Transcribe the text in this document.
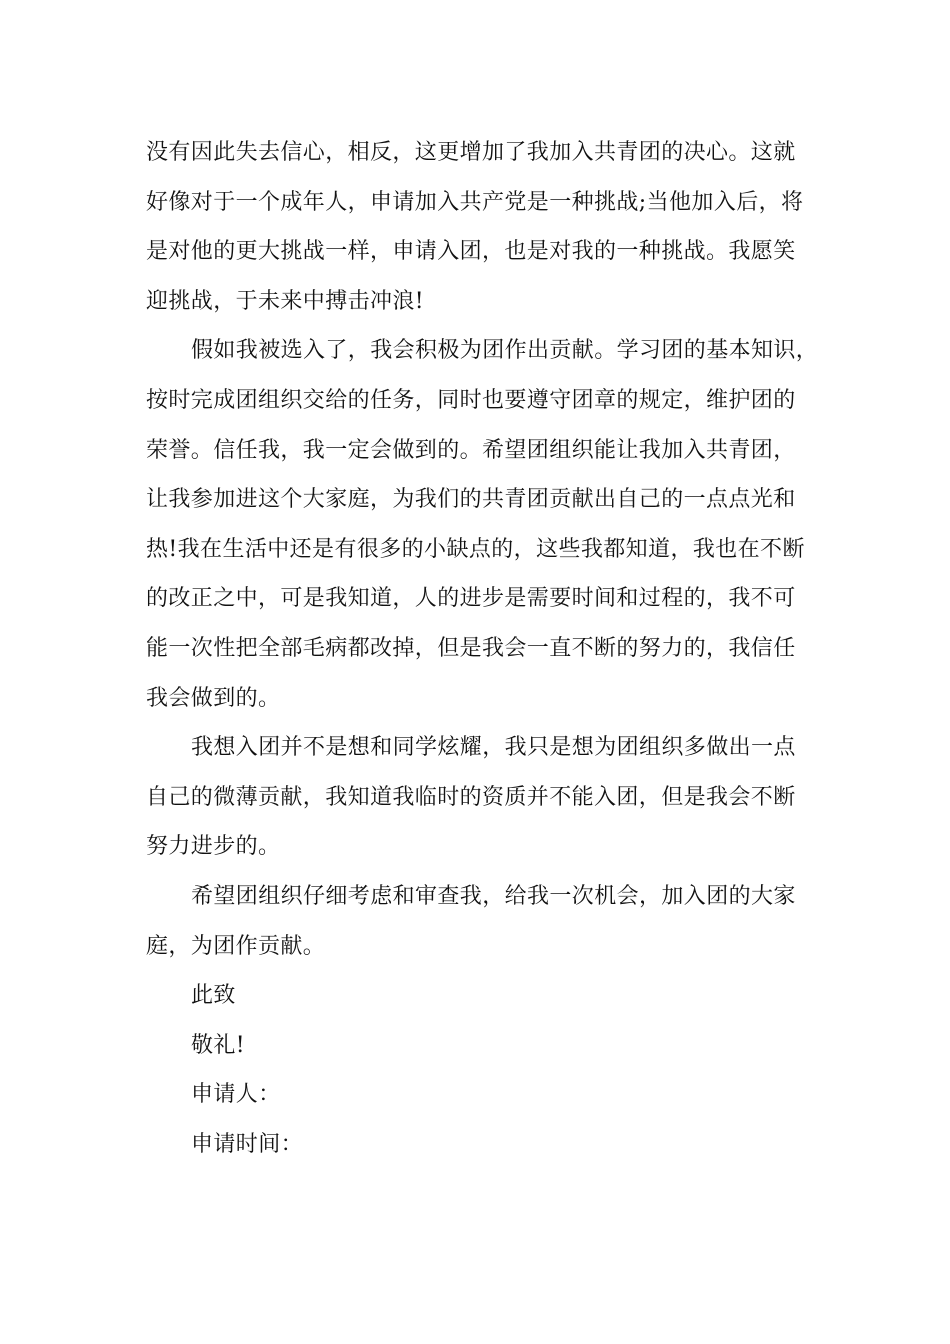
没有因此失去信心，相反，这更增加了我加入共青团的决心。这就
好像对于一个成年人，申请加入共产党是一种挑战;当他加入后，将
是对他的更大挑战一样，申请入团，也是对我的一种挑战。我愿笑
迎挑战，于未来中搏击冲浪!
假如我被选入了，我会积极为团作出贡献。学习团的基本知识，
按时完成团组织交给的任务，同时也要遵守团章的规定，维护团的
荣誉。信任我，我一定会做到的。希望团组织能让我加入共青团，
让我参加进这个大家庭，为我们的共青团贡献出自己的一点点光和
热!我在生活中还是有很多的小缺点的，这些我都知道，我也在不断
的改正之中，可是我知道，人的进步是需要时间和过程的，我不可
能一次性把全部毛病都改掉，但是我会一直不断的努力的，我信任
我会做到的。
我想入团并不是想和同学炫耀，我只是想为团组织多做出一点
自己的微薄贡献，我知道我临时的资质并不能入团，但是我会不断
努力进步的。
希望团组织仔细考虑和审查我，给我一次机会，加入团的大家
庭，为团作贡献。
此致
敬礼!
申请人：
申请时间：
